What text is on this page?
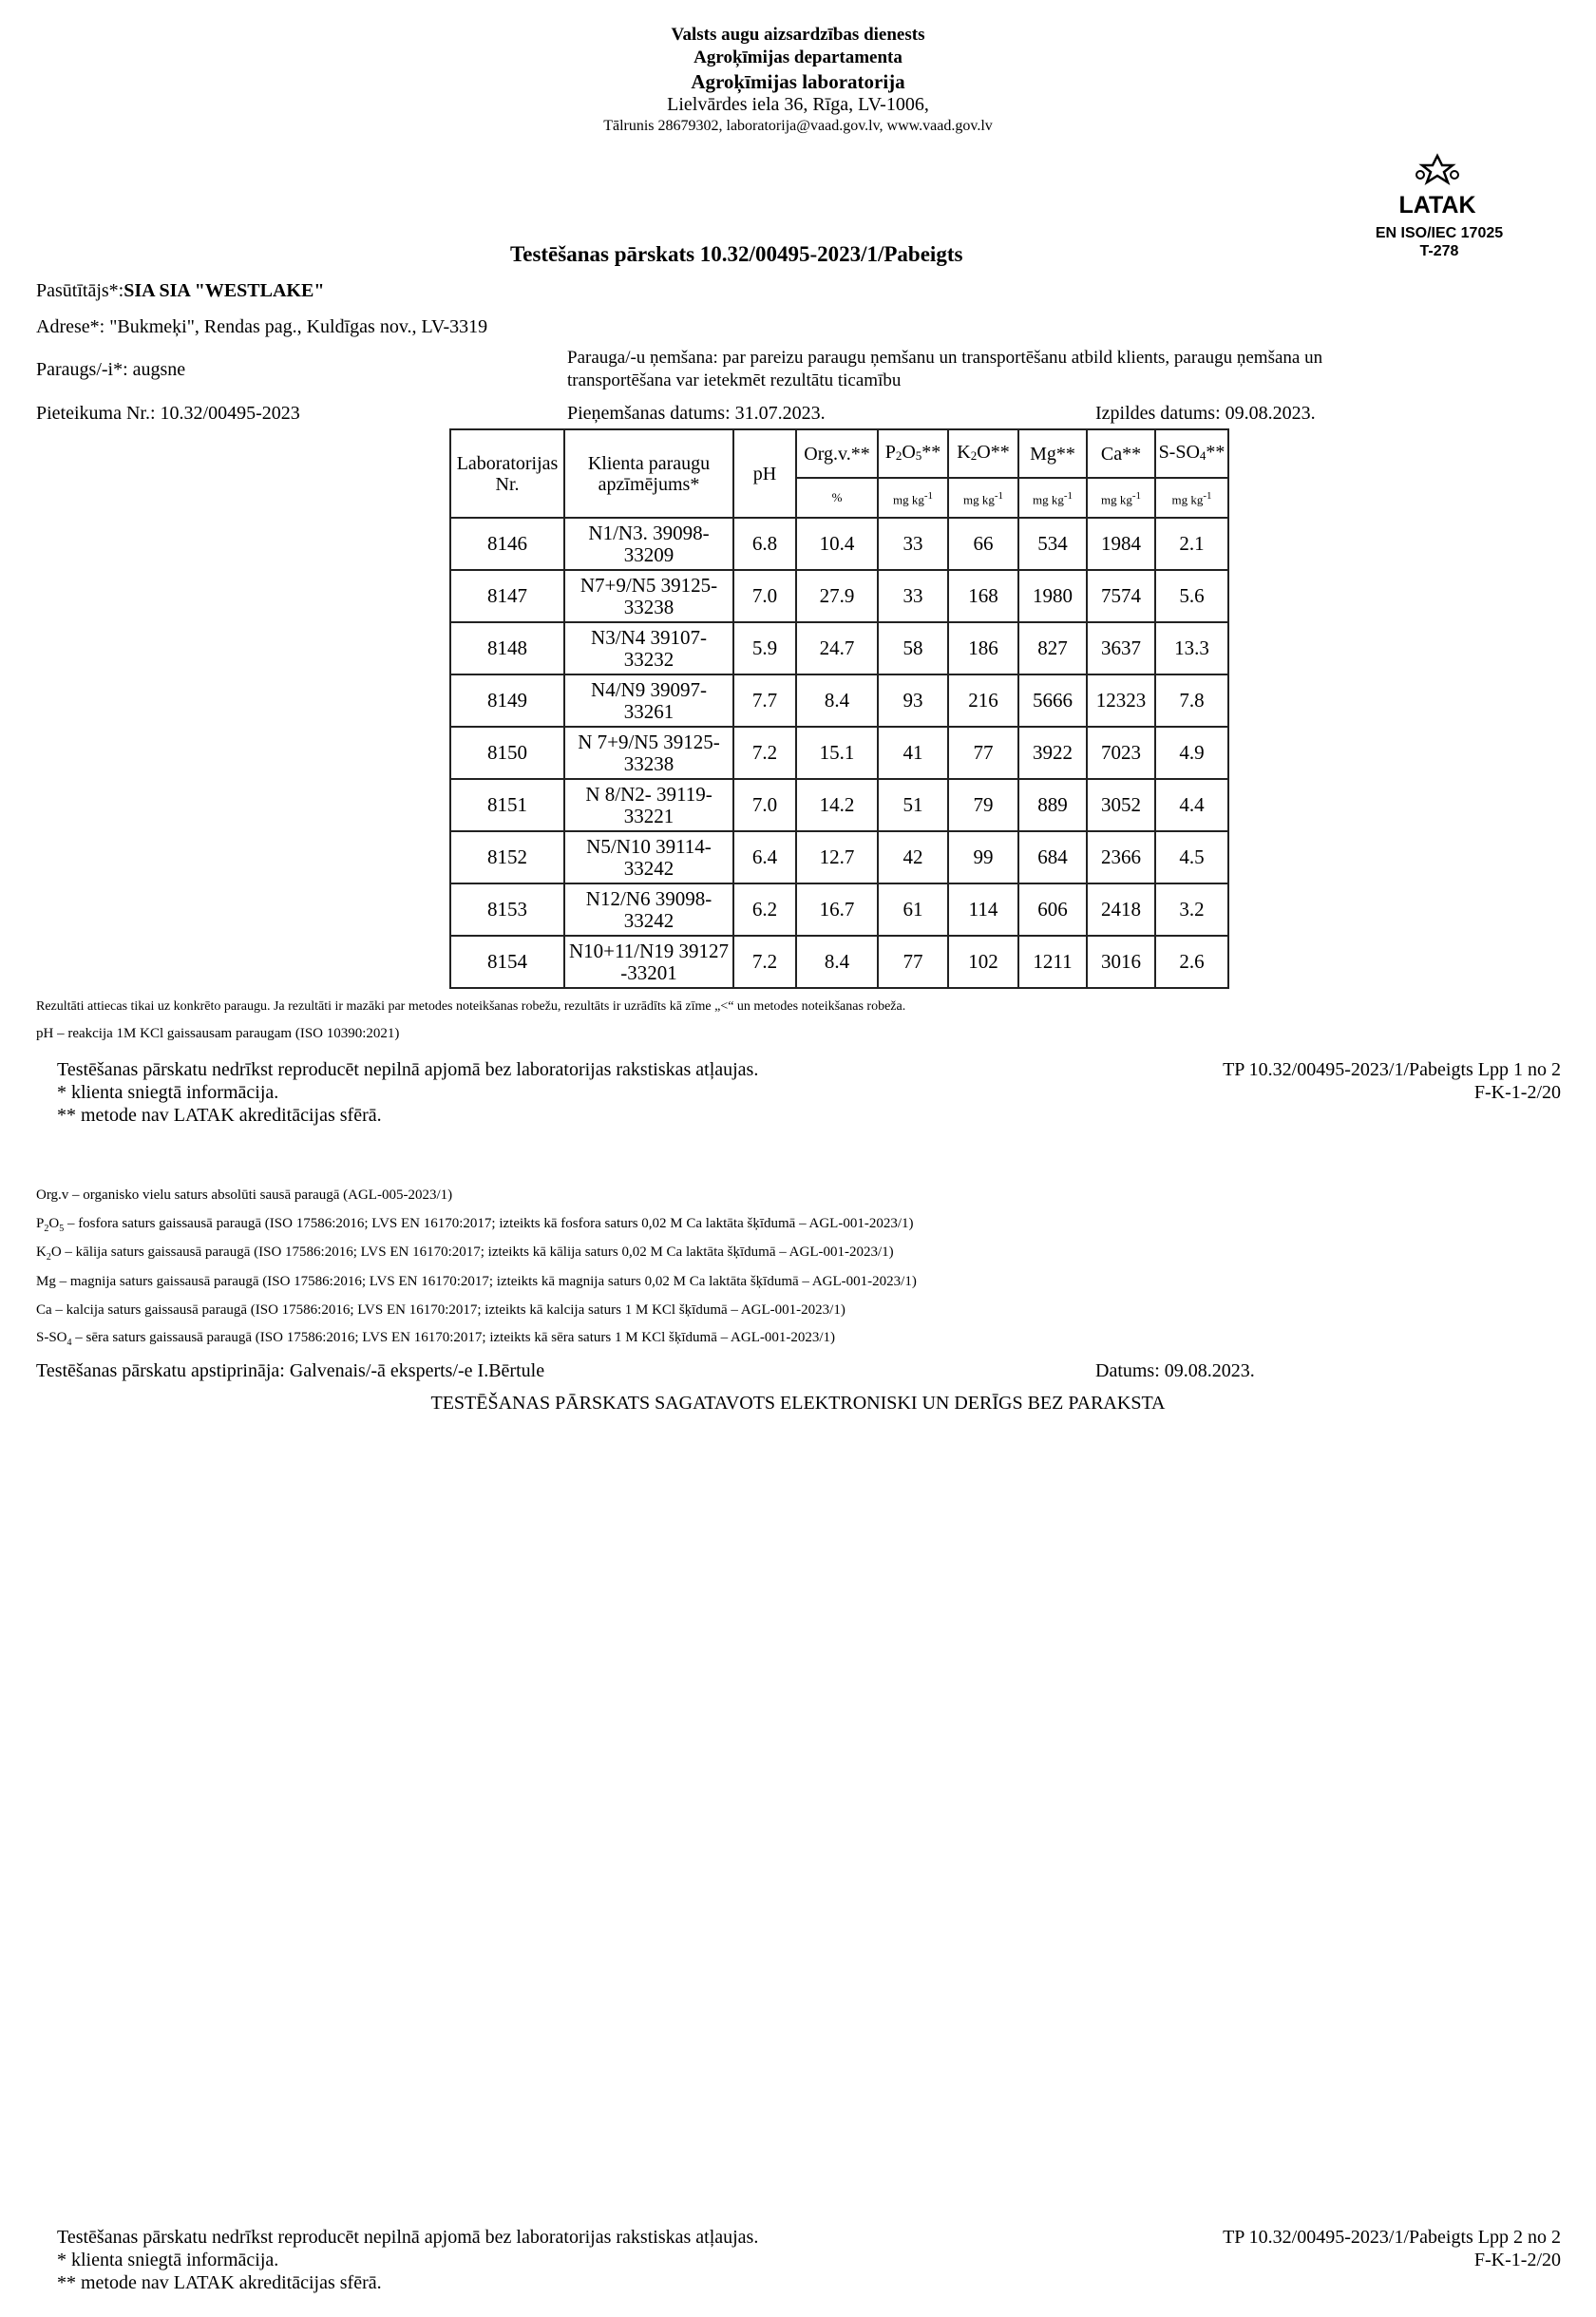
Valsts augu aizsardzības dienests
Agroķīmijas departamenta
Agroķīmijas laboratorija
Lielvārdes iela 36, Rīga, LV-1006,
Tālrunis 28679302, laboratorija@vaad.gov.lv, www.vaad.gov.lv
LATAK
EN ISO/IEC 17025
T-278
Testēšanas pārskats 10.32/00495-2023/1/Pabeigts
Pasūtītājs*:SIA SIA "WESTLAKE"
Adrese*: "Bukmeķi", Rendas pag., Kuldīgas nov., LV-3319
Paraugs/-i*: augsne
Parauga/-u ņemšana: par pareizu paraugu ņemšanu un transportēšanu atbild klients, paraugu ņemšana un
transportēšana var ietekmēt rezultātu ticamību
Pieteikuma Nr.: 10.32/00495-2023	Pieņemšanas datums: 31.07.2023.	Izpildes datums: 09.08.2023.
Laboratorijas
Nr.	Klienta paraugu
apzīmējums*	pH	Org.v.**	$P_2O_5**$	$K_2O**$	Mg**	Ca**	$S-SO_4**$
			%	mg $kg^{-1}$	mg $kg^{-1}$	mg $kg^{-1}$	mg $kg^{-1}$	mg $kg^{-1}$
8146	N1/N3. 39098-
33209	6.8	10.4	33	66	534	1984	2.1
8147	N7+9/N5 39125-
33238	7.0	27.9	33	168	1980	7574	5.6
8148	N3/N4 39107-
33232	5.9	24.7	58	186	827	3637	13.3
8149	N4/N9 39097-
33261	7.7	8.4	93	216	5666	12323	7.8
8150	N 7+9/N5 39125-
33238	7.2	15.1	41	77	3922	7023	4.9
8151	N 8/N2- 39119-
33221	7.0	14.2	51	79	889	3052	4.4
8152	N5/N10 39114-
33242	6.4	12.7	42	99	684	2366	4.5
8153	N12/N6 39098-
33242	6.2	16.7	61	114	606	2418	3.2
8154	N10+11/N19 39127
-33201	7.2	8.4	77	102	1211	3016	2.6
Rezultāti attiecas tikai uz konkrēto paraugu. Ja rezultāti ir mazāki par metodes noteikšanas robežu, rezultāts ir uzrādīts kā zīme „<“ un metodes noteikšanas robeža.
pH – reakcija 1M KCl gaissausam paraugam (ISO 10390:2021)
Testēšanas pārskatu nedrīkst reproducēt nepilnā apjomā bez laboratorijas rakstiskas atļaujas.
* klienta sniegtā informācija.
** metode nav LATAK akreditācijas sfērā.
TP 10.32/00495-2023/1/Pabeigts Lpp 1 no 2
F-K-1-2/20
Org.v – organisko vielu saturs absolūti sausā paraugā (AGL-005-2023/1)
$P_2O_5$ – fosfora saturs gaissausā paraugā (ISO 17586:2016; LVS EN 16170:2017; izteikts kā fosfora saturs 0,02 M Ca laktāta šķīdumā – AGL-001-2023/1)
$K_2O$ – kālija saturs gaissausā paraugā (ISO 17586:2016; LVS EN 16170:2017; izteikts kā kālija saturs 0,02 M Ca laktāta šķīdumā – AGL-001-2023/1)
Mg – magnija saturs gaissausā paraugā (ISO 17586:2016; LVS EN 16170:2017; izteikts kā magnija saturs 0,02 M Ca laktāta šķīdumā – AGL-001-2023/1)
Ca – kalcija saturs gaissausā paraugā (ISO 17586:2016; LVS EN 16170:2017; izteikts kā kalcija saturs 1 M KCl šķīdumā – AGL-001-2023/1)
$S-SO_4$ – sēra saturs gaissausā paraugā (ISO 17586:2016; LVS EN 16170:2017; izteikts kā sēra saturs 1 M KCl šķīdumā – AGL-001-2023/1)
Testēšanas pārskatu apstiprināja: Galvenais/-ā eksperts/-e I.Bērtule	Datums: 09.08.2023.
TESTĒŠANAS PĀRSKATS SAGATAVOTS ELEKTRONISKI UN DERĪGS BEZ PARAKSTA
Testēšanas pārskatu nedrīkst reproducēt nepilnā apjomā bez laboratorijas rakstiskas atļaujas.
* klienta sniegtā informācija.
** metode nav LATAK akreditācijas sfērā.
TP 10.32/00495-2023/1/Pabeigts Lpp 2 no 2
F-K-1-2/20
